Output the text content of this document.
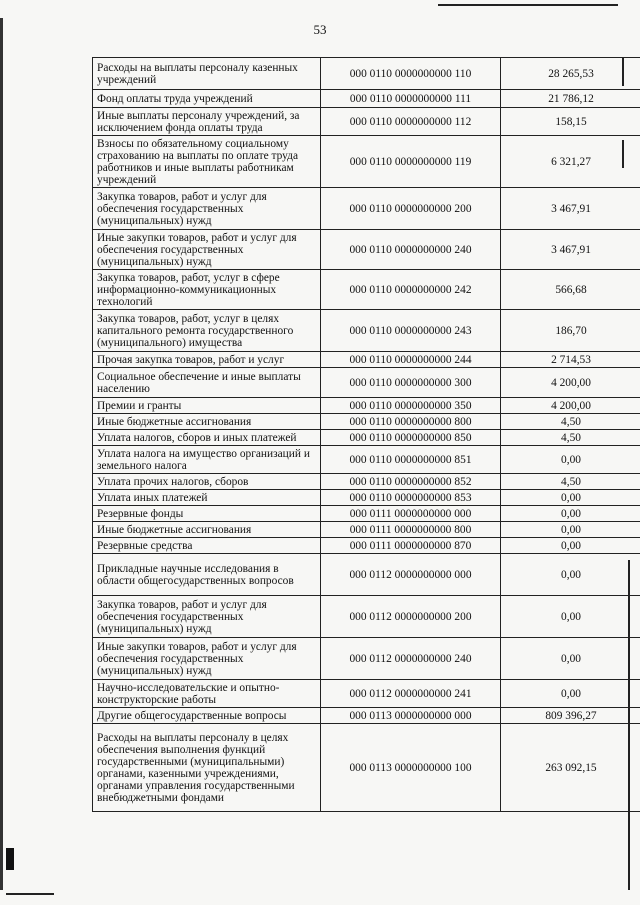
53
Расходы на выплаты персоналу казенных учреждений	000 0110 0000000000 110	28 265,53
Фонд оплаты труда учреждений	000 0110 0000000000 111	21 786,12
Иные выплаты персоналу учреждений, за исключением фонда оплаты труда	000 0110 0000000000 112	158,15
Взносы по обязательному социальному страхованию на выплаты по оплате труда работников и иные выплаты работникам учреждений	000 0110 0000000000 119	6 321,27
Закупка товаров, работ и услуг для обеспечения государственных (муниципальных) нужд	000 0110 0000000000 200	3 467,91
Иные закупки товаров, работ и услуг для обеспечения государственных (муниципальных) нужд	000 0110 0000000000 240	3 467,91
Закупка товаров, работ, услуг в сфере информационно-коммуникационных технологий	000 0110 0000000000 242	566,68
Закупка товаров, работ, услуг в целях капитального ремонта государственного (муниципального) имущества	000 0110 0000000000 243	186,70
Прочая закупка товаров, работ и услуг	000 0110 0000000000 244	2 714,53
Социальное обеспечение и иные выплаты населению	000 0110 0000000000 300	4 200,00
Премии и гранты	000 0110 0000000000 350	4 200,00
Иные бюджетные ассигнования	000 0110 0000000000 800	4,50
Уплата налогов, сборов и иных платежей	000 0110 0000000000 850	4,50
Уплата налога на имущество организаций и земельного налога	000 0110 0000000000 851	0,00
Уплата прочих налогов, сборов	000 0110 0000000000 852	4,50
Уплата иных платежей	000 0110 0000000000 853	0,00
Резервные фонды	000 0111 0000000000 000	0,00
Иные бюджетные ассигнования	000 0111 0000000000 800	0,00
Резервные средства	000 0111 0000000000 870	0,00
Прикладные научные исследования в области общегосударственных вопросов	000 0112 0000000000 000	0,00
Закупка товаров, работ и услуг для обеспечения государственных (муниципальных) нужд	000 0112 0000000000 200	0,00
Иные закупки товаров, работ и услуг для обеспечения государственных (муниципальных) нужд	000 0112 0000000000 240	0,00
Научно-исследовательские и опытно-конструкторские работы	000 0112 0000000000 241	0,00
Другие общегосударственные вопросы	000 0113 0000000000 000	809 396,27
Расходы на выплаты персоналу в целях обеспечения выполнения функций государственными (муниципальными) органами, казенными учреждениями, органами управления государственными внебюджетными фондами	000 0113 0000000000 100	263 092,15
